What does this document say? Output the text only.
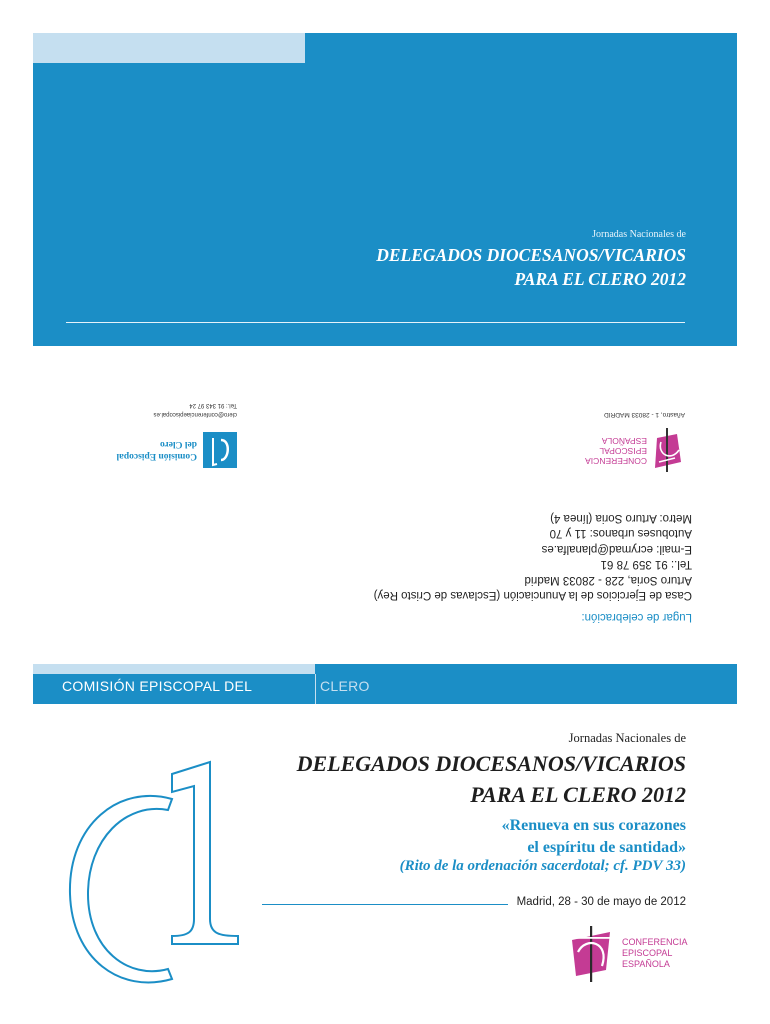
Jornadas Nacionales de
DELEGADOS DIOCESANOS/VICARIOS
PARA EL CLERO 2012
Lugar de celebración:
Casa de Ejercicios de la Anunciación (Esclavas de Cristo Rey)
Arturo Soria, 228 - 28033 Madrid
Tel.: 91 359 78 61
E-mail: ecrymad@planalfa.es
Autobuses urbanos: 11 y 70
Metro: Arturo Soria (línea 4)
CONFERENCIA
EPISCOPAL
ESPAÑOLA
Añastro, 1 - 28033 MADRID
Comisión Episcopal
del Clero
clero@conferenciaepiscopal.es
Tel.: 91 343 97 24
COMISIÓN EPISCOPAL DEL	CLERO
Jornadas Nacionales de
DELEGADOS DIOCESANOS/VICARIOS
PARA EL CLERO 2012
«Renueva en sus corazones
el espíritu de santidad»
(Rito de la ordenación sacerdotal; cf. PDV 33)
Madrid, 28 - 30 de mayo de 2012
CONFERENCIA
EPISCOPAL
ESPAÑOLA
